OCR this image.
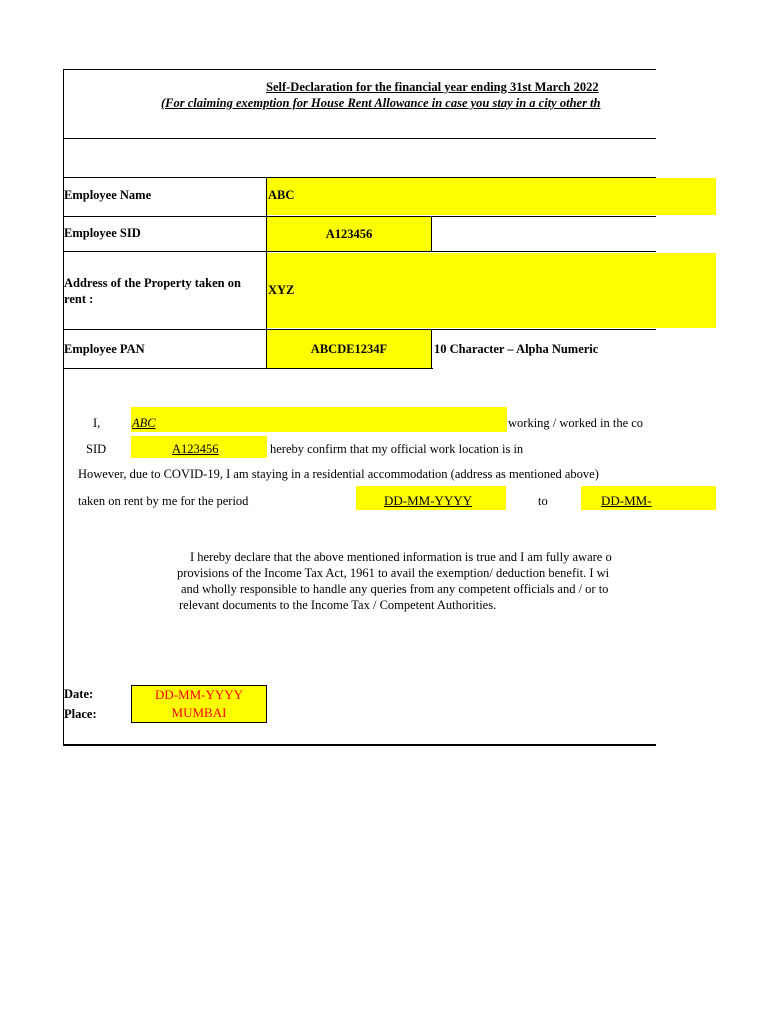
Self-Declaration for the financial year ending 31st March 2022
(For claiming exemption for House Rent Allowance in case you stay in a city other th
Employee Name	ABC
Employee SID	A123456
Address of the Property taken on
rent :
XYZ
Employee PAN	ABCDE1234F	10 Character – Alpha Numeric
I,	ABC	working / worked in the co
SID	A123456	hereby confirm that my official work location is in
However, due to COVID-19, I am staying in a residential accommodation (address as mentioned above)
taken on rent by me for the period	DD-MM-YYYY	to	DD-MM-
I hereby declare that the above mentioned information is true and I am fully aware o
provisions of the Income Tax Act, 1961 to avail the exemption/ deduction benefit. I wi
and wholly responsible to handle any queries from any competent officials and / or to
relevant documents to the Income Tax / Competent Authorities.
Date:	DD-MM-YYYY
Place:	MUMBAI
